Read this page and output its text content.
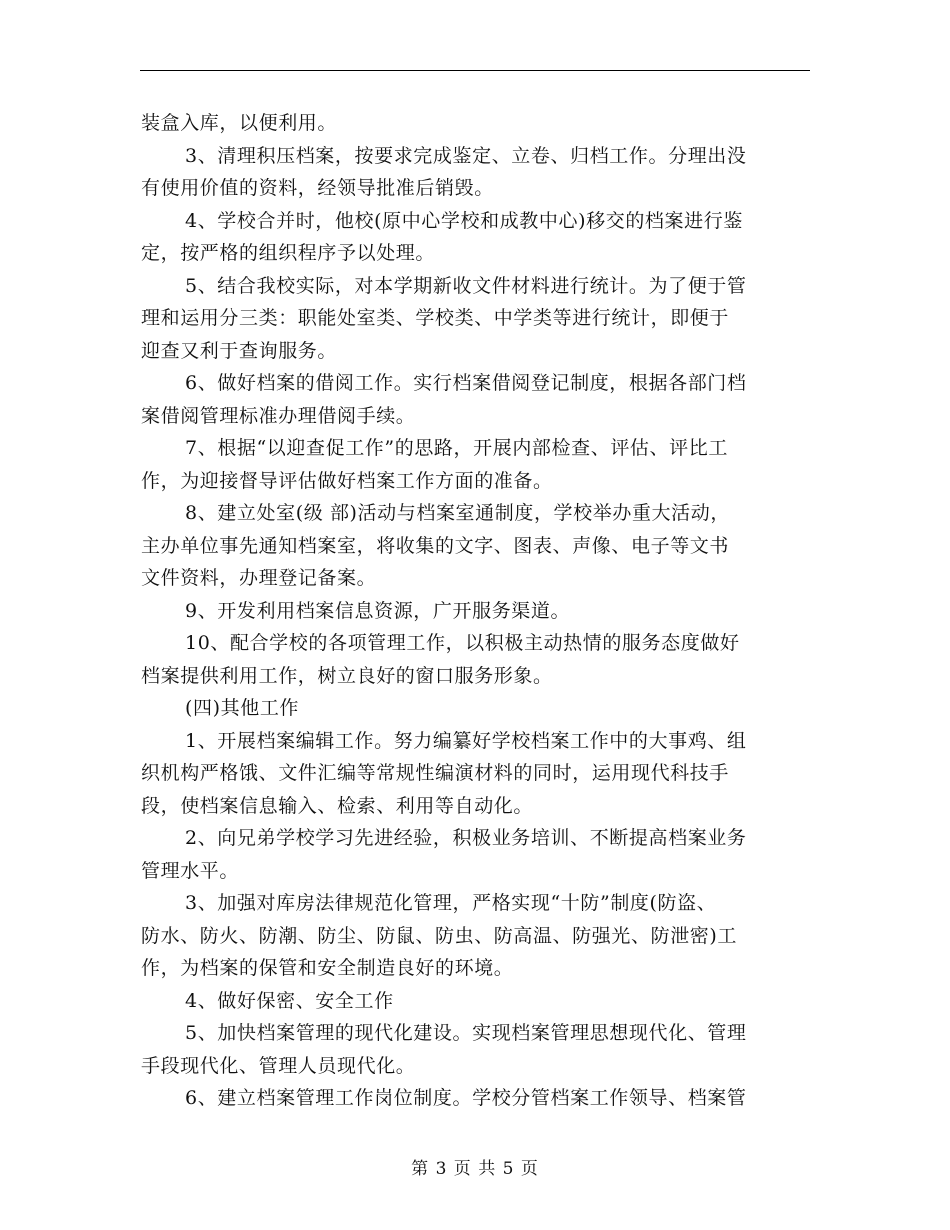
装盒入库，以便利用。
3、清理积压档案，按要求完成鉴定、立卷、归档工作。分理出没
有使用价值的资料，经领导批准后销毁。
4、学校合并时，他校(原中心学校和成教中心)移交的档案进行鉴
定，按严格的组织程序予以处理。
5、结合我校实际，对本学期新收文件材料进行统计。为了便于管
理和运用分三类：职能处室类、学校类、中学类等进行统计，即便于
迎查又利于查询服务。
6、做好档案的借阅工作。实行档案借阅登记制度，根据各部门档
案借阅管理标准办理借阅手续。
7、根据“以迎查促工作”的思路，开展内部检查、评估、评比工
作，为迎接督导评估做好档案工作方面的准备。
8、建立处室(级 部)活动与档案室通制度，学校举办重大活动，
主办单位事先通知档案室，将收集的文字、图表、声像、电子等文书
文件资料，办理登记备案。
9、开发利用档案信息资源，广开服务渠道。
10、配合学校的各项管理工作，以积极主动热情的服务态度做好
档案提供利用工作，树立良好的窗口服务形象。
(四)其他工作
1、开展档案编辑工作。努力编纂好学校档案工作中的大事鸡、组
织机构严格饿、文件汇编等常规性编演材料的同时，运用现代科技手
段，使档案信息输入、检索、利用等自动化。
2、向兄弟学校学习先进经验，积极业务培训、不断提高档案业务
管理水平。
3、加强对库房法律规范化管理，严格实现“十防”制度(防盗、
防水、防火、防潮、防尘、防鼠、防虫、防高温、防强光、防泄密)工
作，为档案的保管和安全制造良好的环境。
4、做好保密、安全工作
5、加快档案管理的现代化建设。实现档案管理思想现代化、管理
手段现代化、管理人员现代化。
6、建立档案管理工作岗位制度。学校分管档案工作领导、档案管
第 3 页 共 5 页
